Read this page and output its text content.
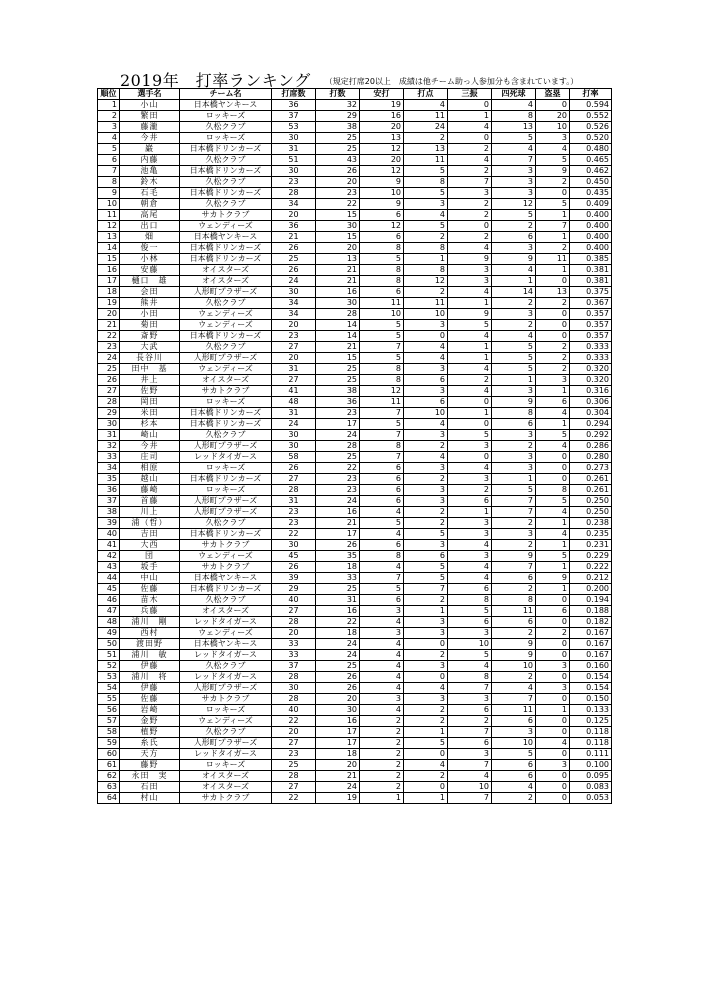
2019年　打率ランキング （規定打席20以上　成績は他チーム助っ人参加分も含まれています。）
順位	選手名	チーム名	打席数	打数	安打	打点	三振	四死球	盗塁	打率
1	小山	日本橋ヤンキース	36	32	19	4	0	4	0	0.594
2	繁田	ロッキーズ	37	29	16	11	1	8	20	0.552
3	藤瀧	久松クラブ	53	38	20	24	4	13	10	0.526
4	今井	ロッキーズ	30	25	13	2	0	5	3	0.520
5	巌	日本橋ドリンカーズ	31	25	12	13	2	4	4	0.480
6	内藤	久松クラブ	51	43	20	11	4	7	5	0.465
7	池亀	日本橋ドリンカーズ	30	26	12	5	2	3	9	0.462
8	鈴木	久松クラブ	23	20	9	8	7	3	2	0.450
9	石毛	日本橋ドリンカーズ	28	23	10	5	3	3	0	0.435
10	朝倉	久松クラブ	34	22	9	3	2	12	5	0.409
11	高尾	サカトクラブ	20	15	6	4	2	5	1	0.400
12	出口	ウェンディーズ	36	30	12	5	0	2	7	0.400
13	畑	日本橋ヤンキース	21	15	6	2	2	6	1	0.400
14	俊一	日本橋ドリンカーズ	26	20	8	8	4	3	2	0.400
15	小林	日本橋ドリンカーズ	25	13	5	1	9	9	11	0.385
16	安藤	オイスターズ	26	21	8	8	3	4	1	0.381
17	樋口　雄	オイスターズ	24	21	8	12	3	1	0	0.381
18	会田	人形町プラザーズ	30	16	6	2	4	14	13	0.375
19	熊井	久松クラブ	34	30	11	11	1	2	2	0.367
20	小田	ウェンディーズ	34	28	10	10	9	3	0	0.357
21	菊田	ウェンディーズ	20	14	5	3	5	2	0	0.357
22	斎野	日本橋ドリンカーズ	23	14	5	0	4	4	0	0.357
23	大武	久松クラブ	27	21	7	4	1	5	2	0.333
24	長谷川	人形町プラザーズ	20	15	5	4	1	5	2	0.333
25	田中　基	ウェンディーズ	31	25	8	3	4	5	2	0.320
26	井上	オイスターズ	27	25	8	6	2	1	3	0.320
27	佐野	サカトクラブ	41	38	12	3	4	3	1	0.316
28	岡田	ロッキーズ	48	36	11	6	0	9	6	0.306
29	米田	日本橋ドリンカーズ	31	23	7	10	1	8	4	0.304
30	杉本	日本橋ドリンカーズ	24	17	5	4	0	6	1	0.294
31	崎山	久松クラブ	30	24	7	3	5	3	5	0.292
32	今井	人形町プラザーズ	30	28	8	2	3	2	4	0.286
33	庄司	レッドタイガース	58	25	7	4	0	3	0	0.280
34	相原	ロッキーズ	26	22	6	3	4	3	0	0.273
35	越山	日本橋ドリンカーズ	27	23	6	2	3	1	0	0.261
36	藤崎	ロッキーズ	28	23	6	3	2	5	8	0.261
37	首藤	人形町プラザーズ	31	24	6	3	6	7	5	0.250
38	川上	人形町プラザーズ	23	16	4	2	1	7	4	0.250
39	浦（哲）	久松クラブ	23	21	5	2	3	2	1	0.238
40	吉田	日本橋ドリンカーズ	22	17	4	5	3	3	4	0.235
41	大西	サカトクラブ	30	26	6	3	4	2	1	0.231
42	団	ウェンディーズ	45	35	8	6	3	9	5	0.229
43	坂手	サカトクラブ	26	18	4	5	4	7	1	0.222
44	中山	日本橋ヤンキース	39	33	7	5	4	6	9	0.212
45	佐藤	日本橋ドリンカーズ	29	25	5	7	6	2	1	0.200
46	苗木	久松クラブ	40	31	6	2	8	8	0	0.194
47	兵藤	オイスターズ	27	16	3	1	5	11	6	0.188
48	浦川　剛	レッドタイガース	28	22	4	3	6	6	0	0.182
49	西村	ウェンディーズ	20	18	3	3	3	2	2	0.167
50	渡田野	日本橋ヤンキース	33	24	4	0	10	9	0	0.167
51	浦川　敏	レッドタイガース	33	24	4	2	5	9	0	0.167
52	伊藤	久松クラブ	37	25	4	3	4	10	3	0.160
53	浦川　将	レッドタイガース	28	26	4	0	8	2	0	0.154
54	伊藤	人形町プラザーズ	30	26	4	4	7	4	3	0.154
55	佐藤	サカトクラブ	28	20	3	3	3	7	0	0.150
56	岩崎	ロッキーズ	40	30	4	2	6	11	1	0.133
57	金野	ウェンディーズ	22	16	2	2	2	6	0	0.125
58	植野	久松クラブ	20	17	2	1	7	3	0	0.118
59	糸氏	人形町プラザーズ	27	17	2	5	6	10	4	0.118
60	天方	レッドタイガース	23	18	2	0	3	5	0	0.111
61	藤野	ロッキーズ	25	20	2	4	7	6	3	0.100
62	永田　実	オイスターズ	28	21	2	2	4	6	0	0.095
63	石田	オイスターズ	27	24	2	0	10	4	0	0.083
64	村山	サカトクラブ	22	19	1	1	7	2	0	0.053
